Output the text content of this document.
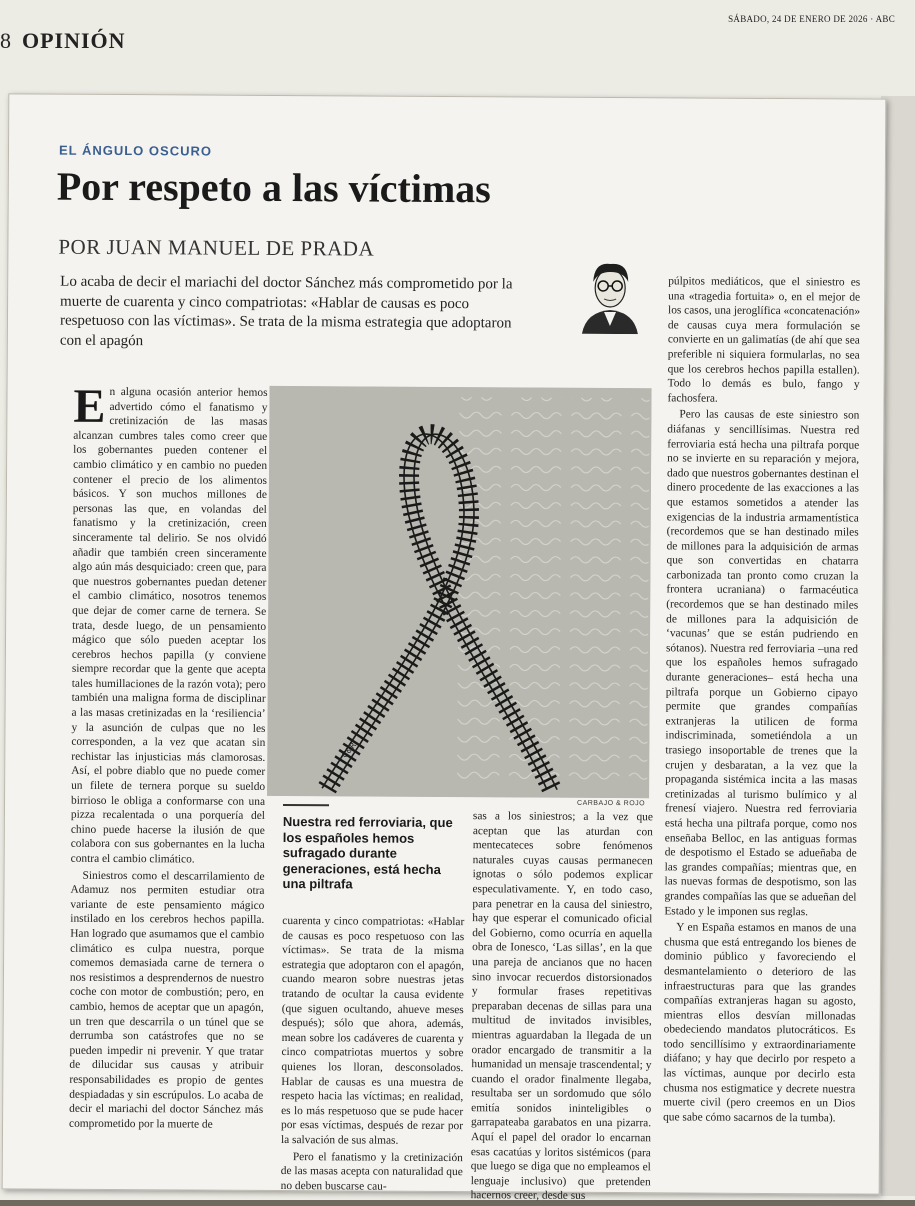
8 OPINIÓN
SÁBADO, 24 DE ENERO DE 2026 · ABC
EL ÁNGULO OSCURO
Por respeto a las víctimas
POR JUAN MANUEL DE PRADA
Lo acaba de decir el mariachi del doctor Sánchez más comprometido por la muerte de cuarenta y cinco compatriotas: «Hablar de causas es poco respetuoso con las víctimas». Se trata de la misma estrategia que adoptaron con el apagón

púlpitos mediáticos, que el siniestro es una «tragedia fortuita» o, en el mejor de los casos, una jeroglífica «concatenación» de causas cuya mera formulación se convierte en un galimatías (de ahí que sea preferible ni siquiera formularlas, no sea que los cerebros hechos papilla estallen). Todo lo demás es bulo, fango y fachosfera.

Pero las causas de este siniestro son diáfanas y sencillísimas. Nuestra red ferroviaria está hecha una piltrafa porque no se invierte en su reparación y mejora, dado que nuestros gobernantes destinan el dinero procedente de las exacciones a las que estamos sometidos a atender las exigencias de la industria armamentística (recordemos que se han destinado miles de millones para la adquisición de armas que son convertidas en chatarra carbonizada tan pronto como cruzan la frontera ucraniana) o farmacéutica (recordemos que se han destinado miles de millones para la adquisición de ‘vacunas’ que se están pudriendo en sótanos). Nuestra red ferroviaria –una red que los españoles hemos sufragado durante generaciones– está hecha una piltrafa porque un Gobierno cipayo permite que grandes compañías extranjeras la utilicen de forma indiscriminada, sometiéndola a un trasiego insoportable de trenes que la crujen y desbaratan, a la vez que la propaganda sistémica incita a las masas cretinizadas al turismo bulímico y al frenesí viajero. Nuestra red ferroviaria está hecha una piltrafa porque, como nos enseñaba Belloc, en las antiguas formas de despotismo el Estado se adueñaba de las grandes compañías; mientras que, en las nuevas formas de despotismo, son las grandes compañías las que se adueñan del Estado y le imponen sus reglas.

Y en España estamos en manos de una chusma que está entregando los bienes de dominio público y favoreciendo el desmantelamiento o deterioro de las infraestructuras para que las grandes compañías extranjeras hagan su agosto, mientras ellos desvían millonadas obedeciendo mandatos plutocráticos. Es todo sencillísimo y extraordinariamente diáfano; y hay que decirlo por respeto a las víctimas, aunque por decirlo esta chusma nos estigmatice y decrete nuestra muerte civil (pero creemos en un Dios que sabe cómo sacarnos de la tumba).

En alguna ocasión anterior hemos advertido cómo el fanatismo y cretinización de las masas alcanzan cumbres tales como creer que los gobernantes pueden contener el cambio climático y en cambio no pueden contener el precio de los alimentos básicos. Y son muchos millones de personas las que, en volandas del fanatismo y la cretinización, creen sinceramente tal delirio. Se nos olvidó añadir que también creen sinceramente algo aún más desquiciado: creen que, para que nuestros gobernantes puedan detener el cambio climático, nosotros tenemos que dejar de comer carne de ternera. Se trata, desde luego, de un pensamiento mágico que sólo pueden aceptar los cerebros hechos papilla (y conviene siempre recordar que la gente que acepta tales humillaciones de la razón vota); pero también una maligna forma de disciplinar a las masas cretinizadas en la ‘resiliencia’ y la asunción de culpas que no les corresponden, a la vez que acatan sin rechistar las injusticias más clamorosas. Así, el pobre diablo que no puede comer un filete de ternera porque su sueldo birrioso le obliga a conformarse con una pizza recalentada o una porquería del chino puede hacerse la ilusión de que colabora con sus gobernantes en la lucha contra el cambio climático.

Siniestros como el descarrilamiento de Adamuz nos permiten estudiar otra variante de este pensamiento mágico instilado en los cerebros hechos papilla. Han logrado que asumamos que el cambio climático es culpa nuestra, porque comemos demasiada carne de ternera o nos resistimos a desprendernos de nuestro coche con motor de combustión; pero, en cambio, hemos de aceptar que un apagón, un tren que descarrila o un túnel que se derrumba son catástrofes que no se pueden impedir ni prevenir. Y que tratar de dilucidar sus causas y atribuir responsabilidades es propio de gentes despiadadas y sin escrúpulos. Lo acaba de decir el mariachi del doctor Sánchez más comprometido por la muerte de

C&R
CARBAJO & ROJO
Nuestra red ferroviaria, que los españoles hemos sufragado durante generaciones, está hecha una piltrafa

cuarenta y cinco compatriotas: «Hablar de causas es poco respetuoso con las víctimas». Se trata de la misma estrategia que adoptaron con el apagón, cuando mearon sobre nuestras jetas tratando de ocultar la causa evidente (que siguen ocultando, ahueve meses después); sólo que ahora, además, mean sobre los cadáveres de cuarenta y cinco compatriotas muertos y sobre quienes los lloran, desconsolados. Hablar de causas es una muestra de respeto hacia las víctimas; en realidad, es lo más respetuoso que se pude hacer por esas víctimas, después de rezar por la salvación de sus almas.

Pero el fanatismo y la cretinización de las masas acepta con naturalidad que no deben buscarse cau-

sas a los siniestros; a la vez que aceptan que las aturdan con mentecateces sobre fenómenos naturales cuyas causas permanecen ignotas o sólo podemos explicar especulativamente. Y, en todo caso, para penetrar en la causa del siniestro, hay que esperar el comunicado oficial del Gobierno, como ocurría en aquella obra de Ionesco, ‘Las sillas’, en la que una pareja de ancianos que no hacen sino invocar recuerdos distorsionados y formular frases repetitivas preparaban decenas de sillas para una multitud de invitados invisibles, mientras aguardaban la llegada de un orador encargado de transmitir a la humanidad un mensaje trascendental; y cuando el orador finalmente llegaba, resultaba ser un sordomudo que sólo emitía sonidos ininteligibles o garrapateaba garabatos en una pizarra. Aquí el papel del orador lo encarnan esas cacatúas y loritos sistémicos (para que luego se diga que no empleamos el lenguaje inclusivo) que pretenden hacernos creer, desde sus
